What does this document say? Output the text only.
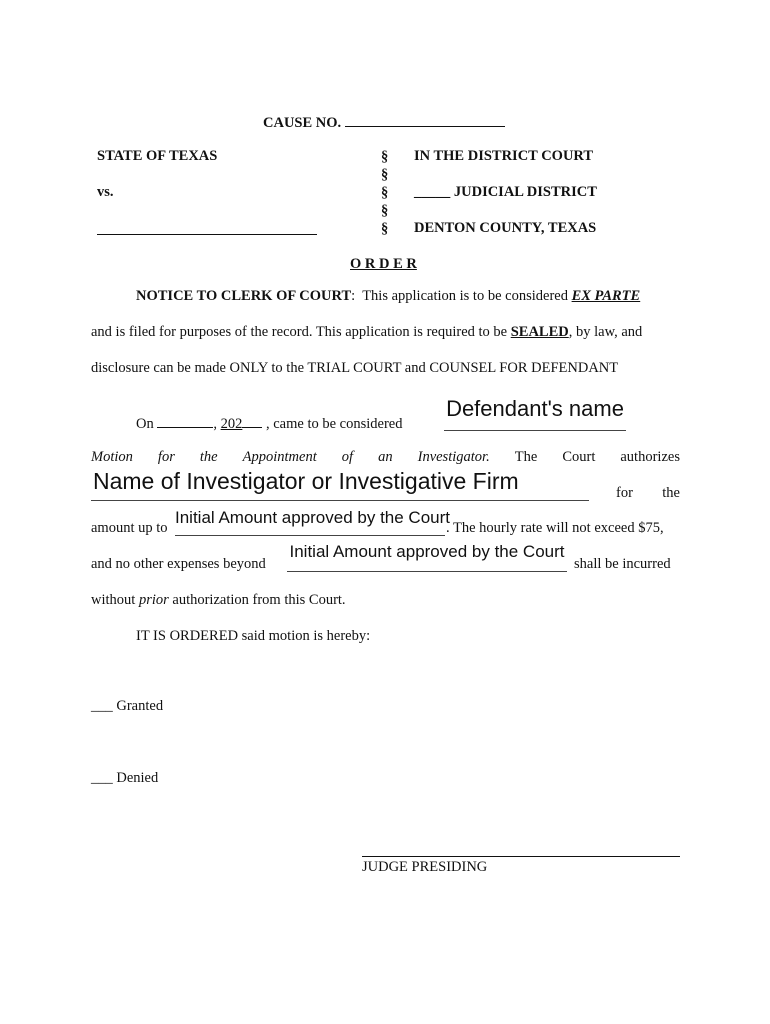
CAUSE NO.
STATE OF TEXAS
vs.
§
§
§
§
§
IN THE DISTRICT COURT
_____ JUDICIAL DISTRICT
DENTON COUNTY, TEXAS
O R D E R
NOTICE TO CLERK OF COURT: This application is to be considered EX PARTE
and is filed for purposes of the record. This application is required to be SEALED, by law, and
disclosure can be made ONLY to the TRIAL COURT and COUNSEL FOR DEFENDANT
On	, 202 , came to be considered
Defendant's name
Motion for the Appointment of an Investigator. The Court authorizes
Name of Investigator or Investigative Firm	for the
amount up to
Initial Amount approved by the Court
. The hourly rate will not exceed $75,
and no other expenses beyond
Initial Amount approved by the Court
shall be incurred
without prior authorization from this Court.
IT IS ORDERED said motion is hereby:
___ Granted
___ Denied
JUDGE PRESIDING
